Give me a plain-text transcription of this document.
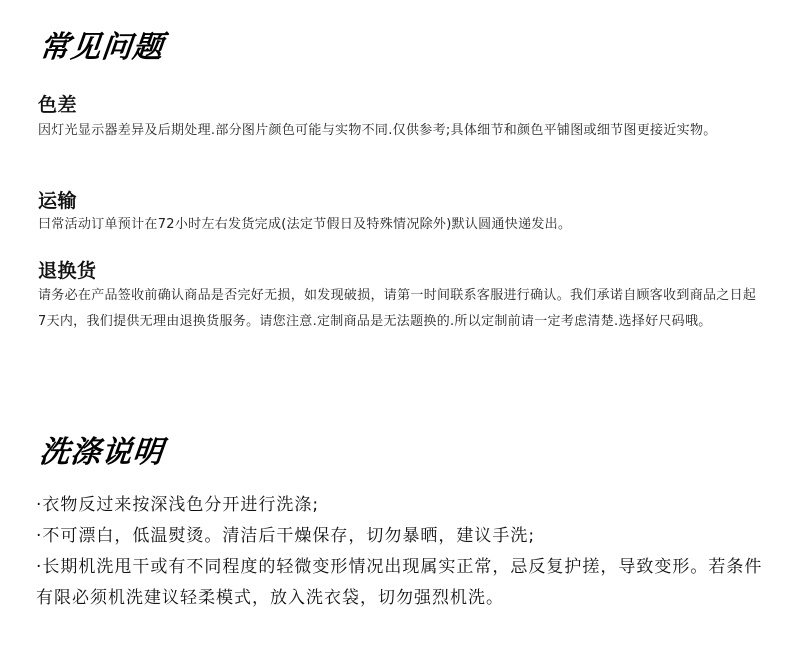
常见问题
色差

因灯光显示器差异及后期处理.部分图片颜色可能与实物不同.仅供参考;具体细节和颜色平铺图或细节图更接近实物。

运输

曰常活动订单预计在72小时左右发货完成(法定节假日及特殊情况除外)默认圆通快递发出。

退换货

请务必在产品签收前确认商品是否完好无损，如发现破损，请第一时间联系客服进行确认。我们承诺自顾客收到商品之日起7天内，我们提供无理由退换货服务。请您注意.定制商品是无法题换的.所以定制前请一定考虑清楚.选择好尺码哦。

洗涤说明
·衣物反过来按深浅色分开进行洗涤;
·不可漂白，低温熨烫。清洁后干燥保存，切勿暴晒，建议手洗;
·长期机洗甩干或有不同程度的轻微变形情况出现属实正常，忌反复护搓，导致变形。若条件有限必须机洗建议轻柔模式，放入洗衣袋，切勿强烈机洗。
